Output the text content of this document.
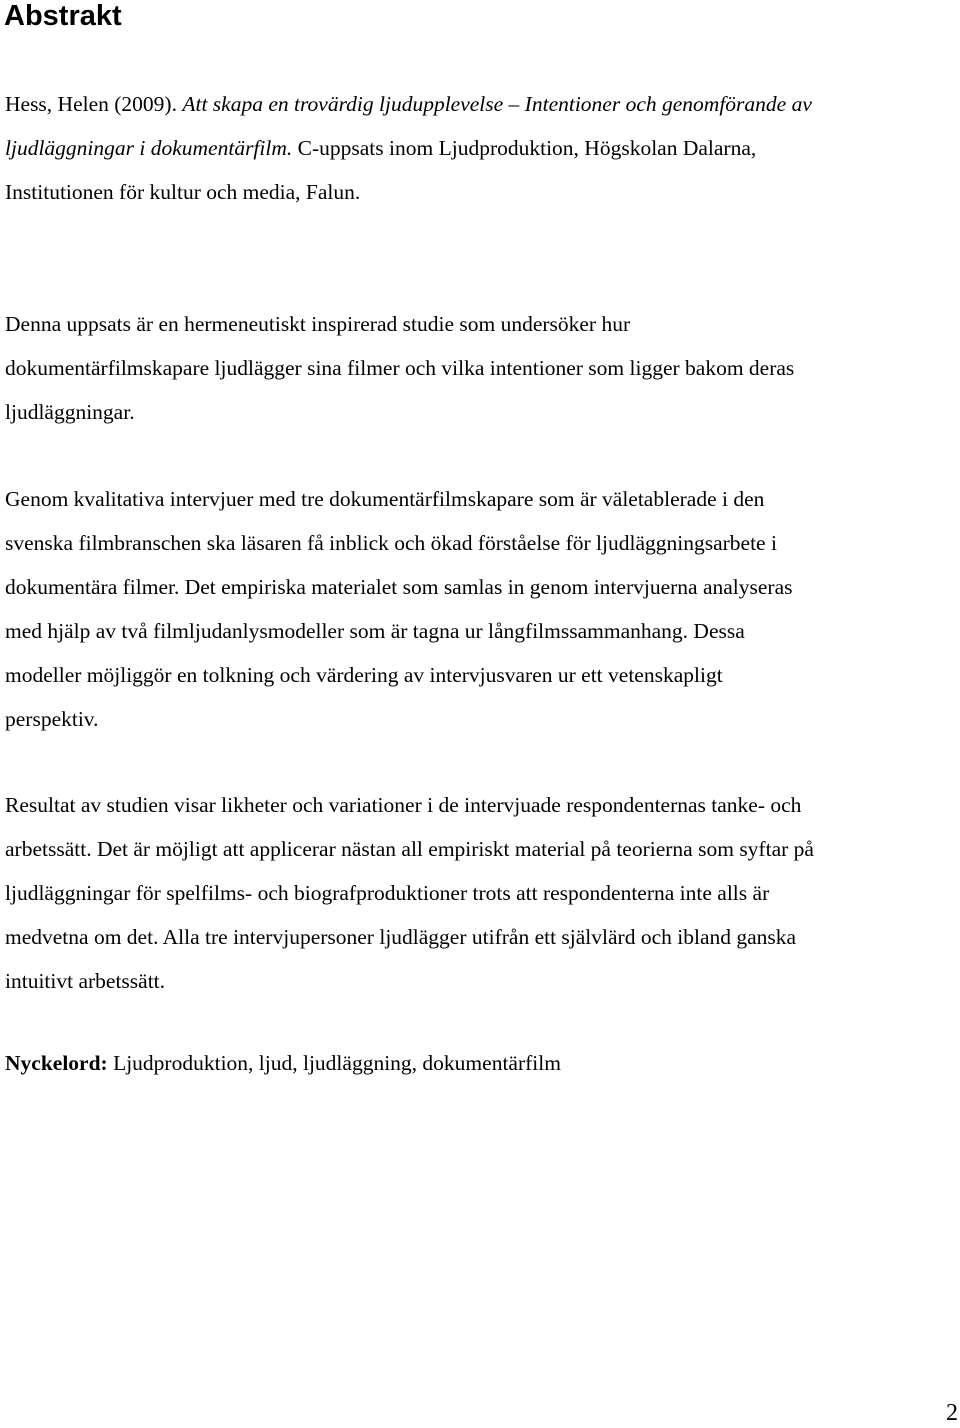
Abstrakt

Hess, Helen (2009). Att skapa en trovärdig ljudupplevelse – Intentioner och genomförande av
ljudläggningar i dokumentärfilm. C-uppsats inom Ljudproduktion, Högskolan Dalarna,
Institutionen för kultur och media, Falun.

Denna uppsats är en hermeneutiskt inspirerad studie som undersöker hur
dokumentärfilmskapare ljudlägger sina filmer och vilka intentioner som ligger bakom deras
ljudläggningar.

Genom kvalitativa intervjuer med tre dokumentärfilmskapare som är väletablerade i den
svenska filmbranschen ska läsaren få inblick och ökad förståelse för ljudläggningsarbete i
dokumentära filmer. Det empiriska materialet som samlas in genom intervjuerna analyseras
med hjälp av två filmljudanlysmodeller som är tagna ur långfilmssammanhang. Dessa
modeller möjliggör en tolkning och värdering av intervjusvaren ur ett vetenskapligt
perspektiv.

Resultat av studien visar likheter och variationer i de intervjuade respondenternas tanke- och
arbetssätt. Det är möjligt att applicerar nästan all empiriskt material på teorierna som syftar på
ljudläggningar för spelfilms- och biografproduktioner trots att respondenterna inte alls är
medvetna om det. Alla tre intervjupersoner ljudlägger utifrån ett självlärd och ibland ganska
intuitivt arbetssätt.

Nyckelord: Ljudproduktion, ljud, ljudläggning, dokumentärfilm

2
